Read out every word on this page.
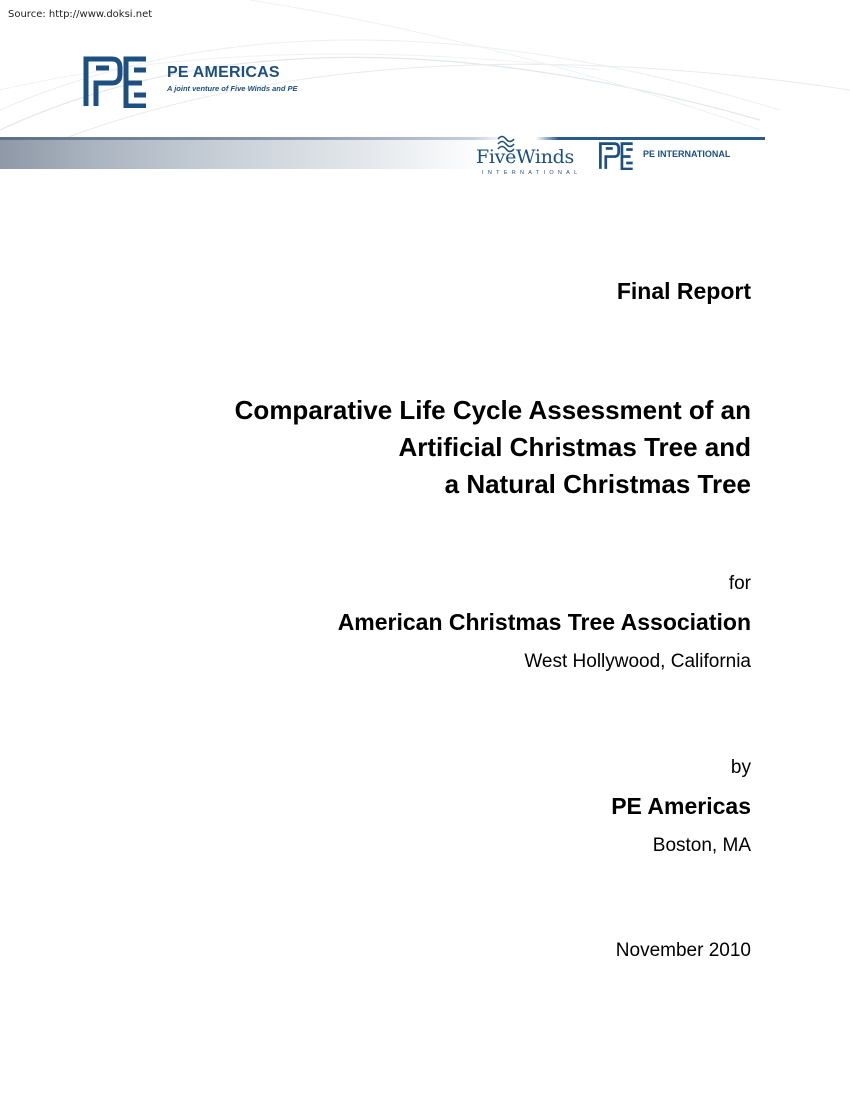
Source: http://www.doksi.net
PE AMERICAS
A joint venture of Five Winds and PE
FiveWinds
INTERNATIONAL
PE INTERNATIONAL
Final Report
Comparative Life Cycle Assessment of an
Artificial Christmas Tree and
a Natural Christmas Tree
for
American Christmas Tree Association
West Hollywood, California
by
PE Americas
Boston, MA
November 2010
